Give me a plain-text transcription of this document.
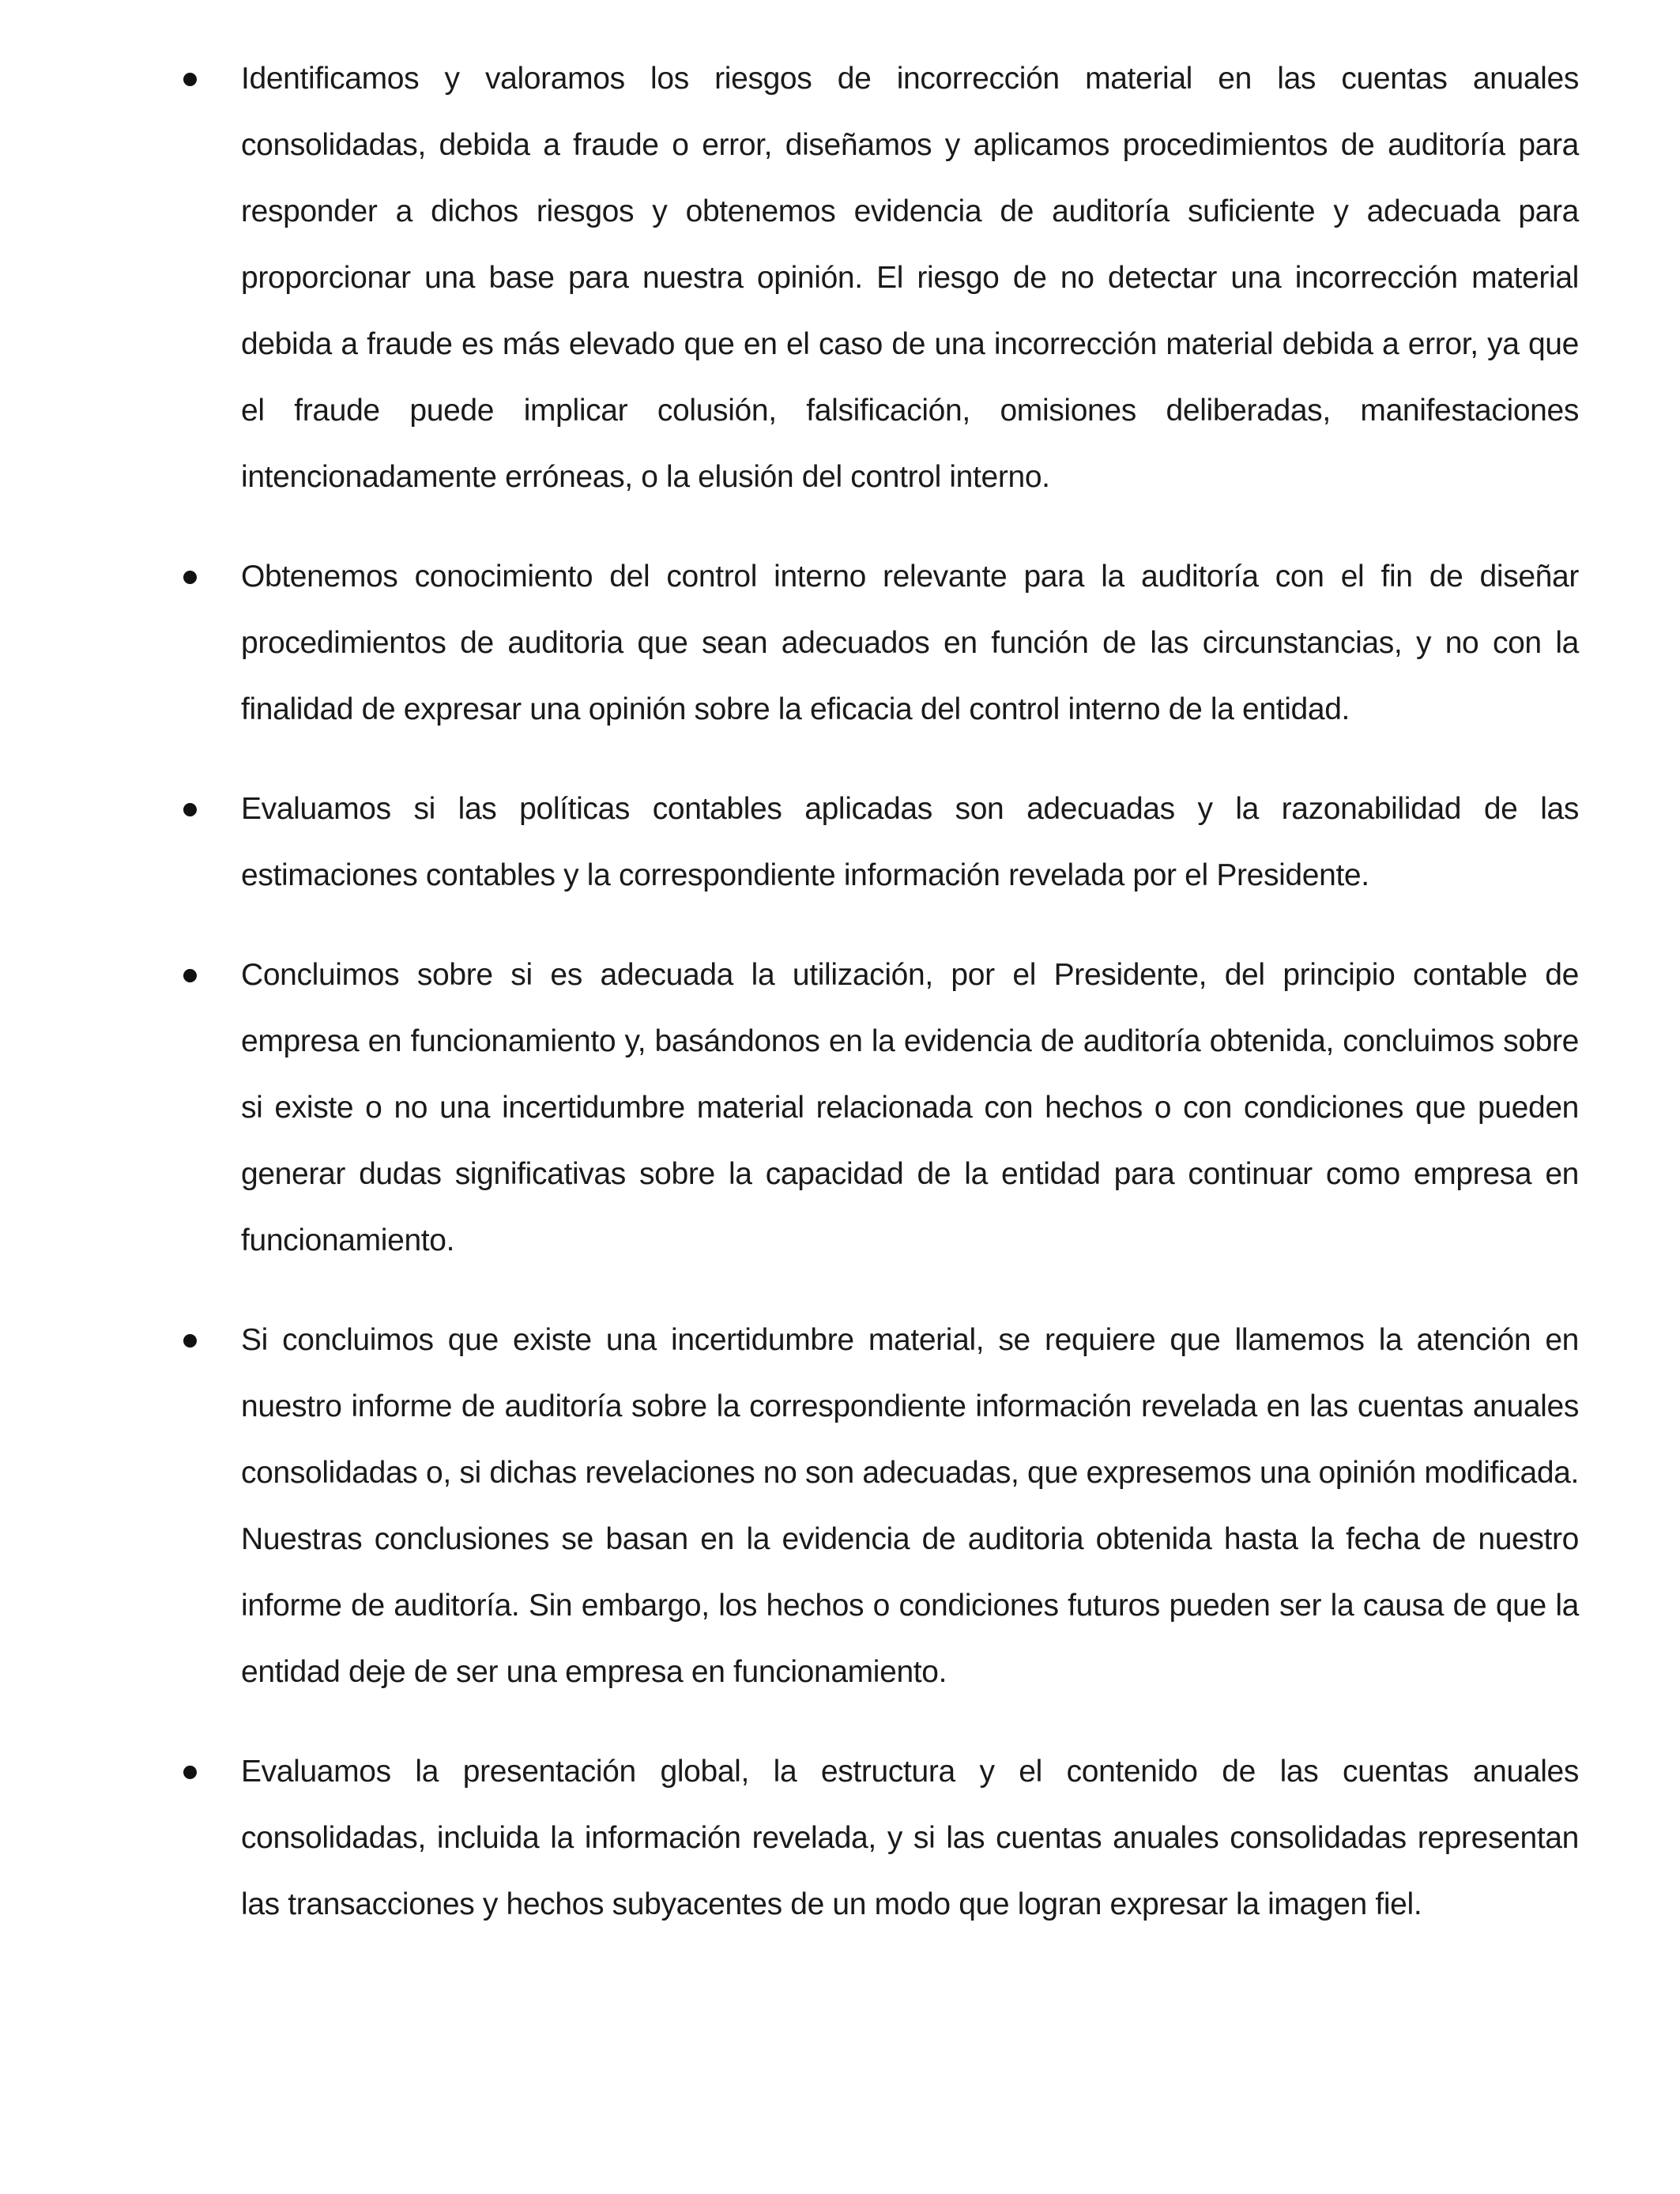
Identificamos y valoramos los riesgos de incorrección material en las cuentas anuales consolidadas, debida a fraude o error, diseñamos y aplicamos procedimientos de auditoría para responder a dichos riesgos y obtenemos evidencia de auditoría suficiente y adecuada para proporcionar una base para nuestra opinión. El riesgo de no detectar una incorrección material debida a fraude es más elevado que en el caso de una incorrección material debida a error, ya que el fraude puede implicar colusión, falsificación, omisiones deliberadas, manifestaciones intencionadamente erróneas, o la elusión del control interno.

Obtenemos conocimiento del control interno relevante para la auditoría con el fin de diseñar procedimientos de auditoria que sean adecuados en función de las circunstancias, y no con la finalidad de expresar una opinión sobre la eficacia del control interno de la entidad.

Evaluamos si las políticas contables aplicadas son adecuadas y la razonabilidad de las estimaciones contables y la correspondiente información revelada por el Presidente.

Concluimos sobre si es adecuada la utilización, por el Presidente, del principio contable de empresa en funcionamiento y, basándonos en la evidencia de auditoría obtenida, concluimos sobre si existe o no una incertidumbre material relacionada con hechos o con condiciones que pueden generar dudas significativas sobre la capacidad de la entidad para continuar como empresa en funcionamiento.

Si concluimos que existe una incertidumbre material, se requiere que llamemos la atención en nuestro informe de auditoría sobre la correspondiente información revelada en las cuentas anuales consolidadas o, si dichas revelaciones no son adecuadas, que expresemos una opinión modificada. Nuestras conclusiones se basan en la evidencia de auditoria obtenida hasta la fecha de nuestro informe de auditoría. Sin embargo, los hechos o condiciones futuros pueden ser la causa de que la entidad deje de ser una empresa en funcionamiento.

Evaluamos la presentación global, la estructura y el contenido de las cuentas anuales consolidadas, incluida la información revelada, y si las cuentas anuales consolidadas representan las transacciones y hechos subyacentes de un modo que logran expresar la imagen fiel.
